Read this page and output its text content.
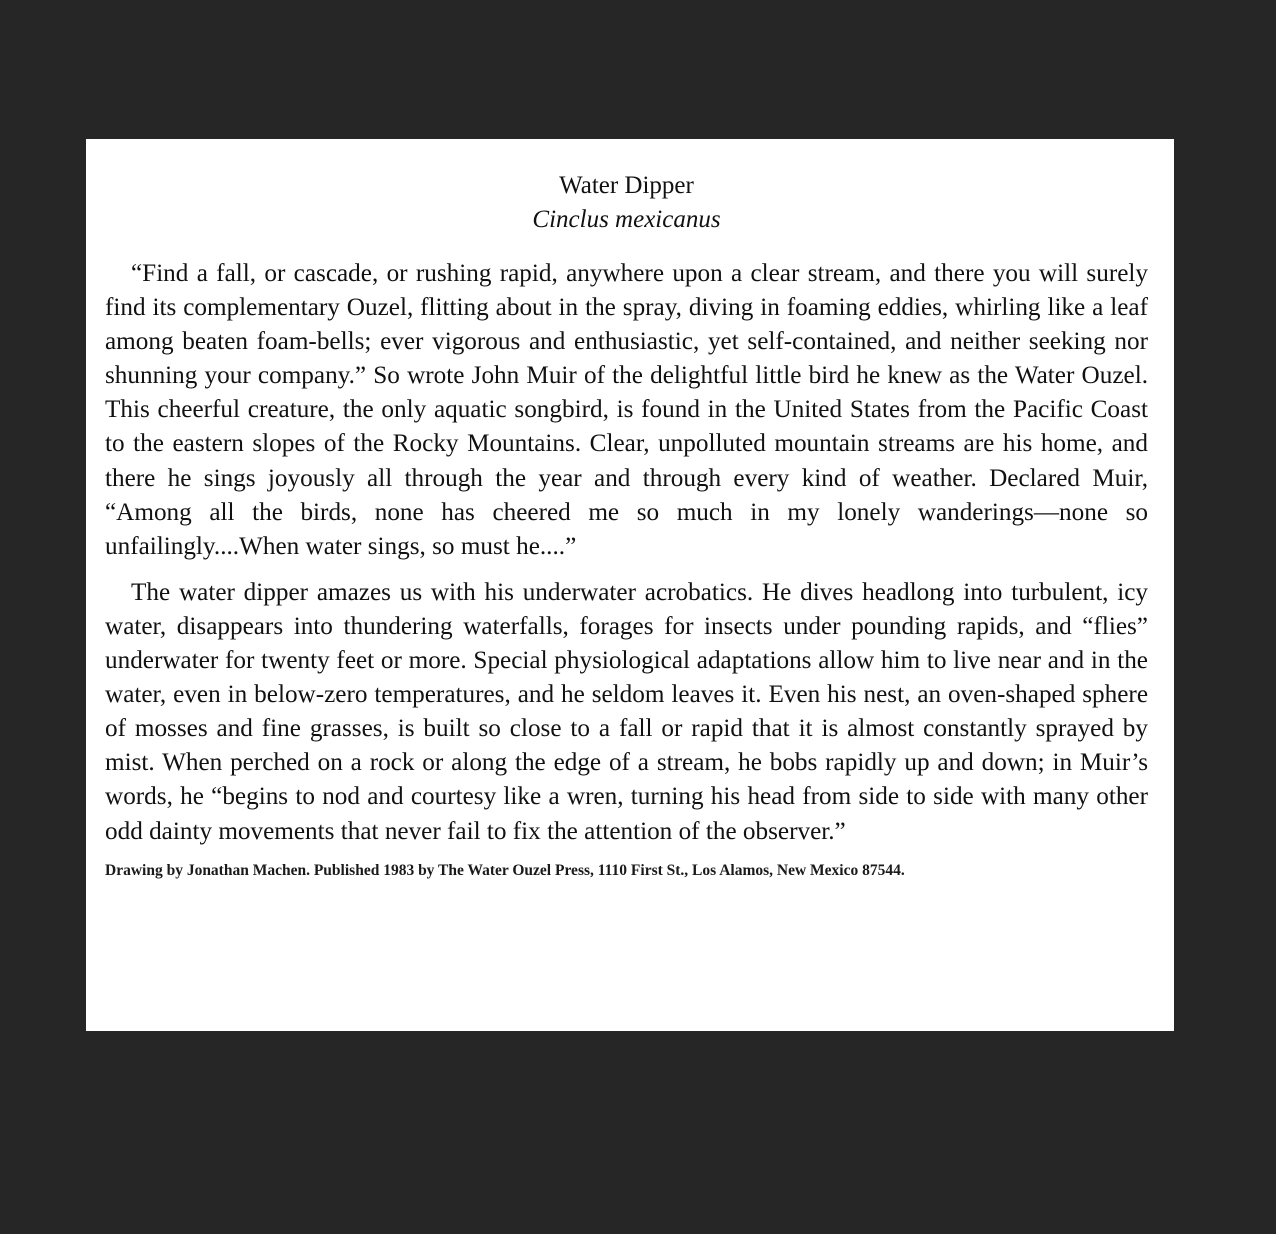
Water Dipper
Cinclus mexicanus

“Find a fall, or cascade, or rushing rapid, anywhere upon a clear stream, and there you will surely find its complementary Ouzel, flitting about in the spray, diving in foaming eddies, whirling like a leaf among beaten foam-bells; ever vigorous and enthusiastic, yet self-contained, and neither seeking nor shunning your company.” So wrote John Muir of the delightful little bird he knew as the Water Ouzel. This cheerful creature, the only aquatic songbird, is found in the United States from the Pacific Coast to the eastern slopes of the Rocky Mountains. Clear, unpolluted mountain streams are his home, and there he sings joyously all through the year and through every kind of weather. Declared Muir, “Among all the birds, none has cheered me so much in my lonely wanderings—none so unfailingly....When water sings, so must he....”

The water dipper amazes us with his underwater acrobatics. He dives headlong into turbulent, icy water, disappears into thundering waterfalls, forages for insects under pounding rapids, and “flies” underwater for twenty feet or more. Special physiological adaptations allow him to live near and in the water, even in below-zero temperatures, and he seldom leaves it. Even his nest, an oven-shaped sphere of mosses and fine grasses, is built so close to a fall or rapid that it is almost constantly sprayed by mist. When perched on a rock or along the edge of a stream, he bobs rapidly up and down; in Muir’s words, he “begins to nod and courtesy like a wren, turning his head from side to side with many other odd dainty movements that never fail to fix the attention of the observer.”

Drawing by Jonathan Machen. Published 1983 by The Water Ouzel Press, 1110 First St., Los Alamos, New Mexico 87544.
